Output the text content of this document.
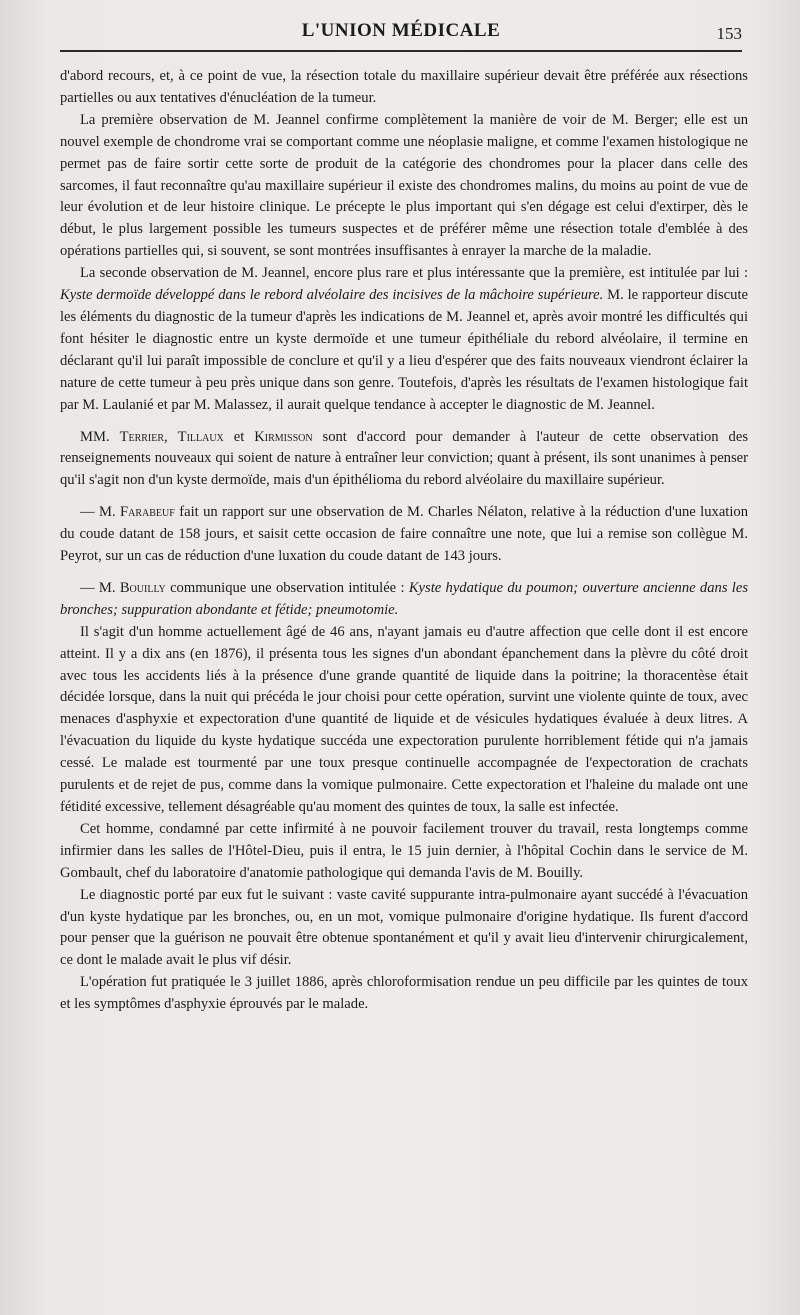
L'UNION MÉDICALE	153

d'abord recours, et, à ce point de vue, la résection totale du maxillaire supérieur devait être préférée aux résections partielles ou aux tentatives d'énucléation de la tumeur.

La première observation de M. Jeannel confirme complètement la manière de voir de M. Berger; elle est un nouvel exemple de chondrome vrai se comportant comme une néoplasie maligne, et comme l'examen histologique ne permet pas de faire sortir cette sorte de produit de la catégorie des chondromes pour la placer dans celle des sarcomes, il faut reconnaître qu'au maxillaire supérieur il existe des chondromes malins, du moins au point de vue de leur évolution et de leur histoire clinique. Le précepte le plus important qui s'en dégage est celui d'extirper, dès le début, le plus largement possible les tumeurs suspectes et de préférer même une résection totale d'emblée à des opérations partielles qui, si souvent, se sont montrées insuffisantes à enrayer la marche de la maladie.

La seconde observation de M. Jeannel, encore plus rare et plus intéressante que la première, est intitulée par lui : Kyste dermoïde développé dans le rebord alvéolaire des incisives de la mâchoire supérieure. M. le rapporteur discute les éléments du diagnostic de la tumeur d'après les indications de M. Jeannel et, après avoir montré les difficultés qui font hésiter le diagnostic entre un kyste dermoïde et une tumeur épithéliale du rebord alvéolaire, il termine en déclarant qu'il lui paraît impossible de conclure et qu'il y a lieu d'espérer que des faits nouveaux viendront éclairer la nature de cette tumeur à peu près unique dans son genre. Toutefois, d'après les résultats de l'examen histologique fait par M. Laulanié et par M. Malassez, il aurait quelque tendance à accepter le diagnostic de M. Jeannel.

MM. Terrier, Tillaux et Kirmisson sont d'accord pour demander à l'auteur de cette observation des renseignements nouveaux qui soient de nature à entraîner leur conviction; quant à présent, ils sont unanimes à penser qu'il s'agit non d'un kyste dermoïde, mais d'un épithélioma du rebord alvéolaire du maxillaire supérieur.

— M. Farabeuf fait un rapport sur une observation de M. Charles Nélaton, relative à la réduction d'une luxation du coude datant de 158 jours, et saisit cette occasion de faire connaître une note, que lui a remise son collègue M. Peyrot, sur un cas de réduction d'une luxation du coude datant de 143 jours.

— M. Bouilly communique une observation intitulée : Kyste hydatique du poumon; ouverture ancienne dans les bronches; suppuration abondante et fétide; pneumotomie.

Il s'agit d'un homme actuellement âgé de 46 ans, n'ayant jamais eu d'autre affection que celle dont il est encore atteint. Il y a dix ans (en 1876), il présenta tous les signes d'un abondant épanchement dans la plèvre du côté droit avec tous les accidents liés à la présence d'une grande quantité de liquide dans la poitrine; la thoracentèse était décidée lorsque, dans la nuit qui précéda le jour choisi pour cette opération, survint une violente quinte de toux, avec menaces d'asphyxie et expectoration d'une quantité de liquide et de vésicules hydatiques évaluée à deux litres. A l'évacuation du liquide du kyste hydatique succéda une expectoration purulente horriblement fétide qui n'a jamais cessé. Le malade est tourmenté par une toux presque continuelle accompagnée de l'expectoration de crachats purulents et de rejet de pus, comme dans la vomique pulmonaire. Cette expectoration et l'haleine du malade ont une fétidité excessive, tellement désagréable qu'au moment des quintes de toux, la salle est infectée.

Cet homme, condamné par cette infirmité à ne pouvoir facilement trouver du travail, resta longtemps comme infirmier dans les salles de l'Hôtel-Dieu, puis il entra, le 15 juin dernier, à l'hôpital Cochin dans le service de M. Gombault, chef du laboratoire d'anatomie pathologique qui demanda l'avis de M. Bouilly.

Le diagnostic porté par eux fut le suivant : vaste cavité suppurante intra-pulmonaire ayant succédé à l'évacuation d'un kyste hydatique par les bronches, ou, en un mot, vomique pulmonaire d'origine hydatique. Ils furent d'accord pour penser que la guérison ne pouvait être obtenue spontanément et qu'il y avait lieu d'intervenir chirurgicalement, ce dont le malade avait le plus vif désir.

L'opération fut pratiquée le 3 juillet 1886, après chloroformisation rendue un peu difficile par les quintes de toux et les symptômes d'asphyxie éprouvés par le malade.
